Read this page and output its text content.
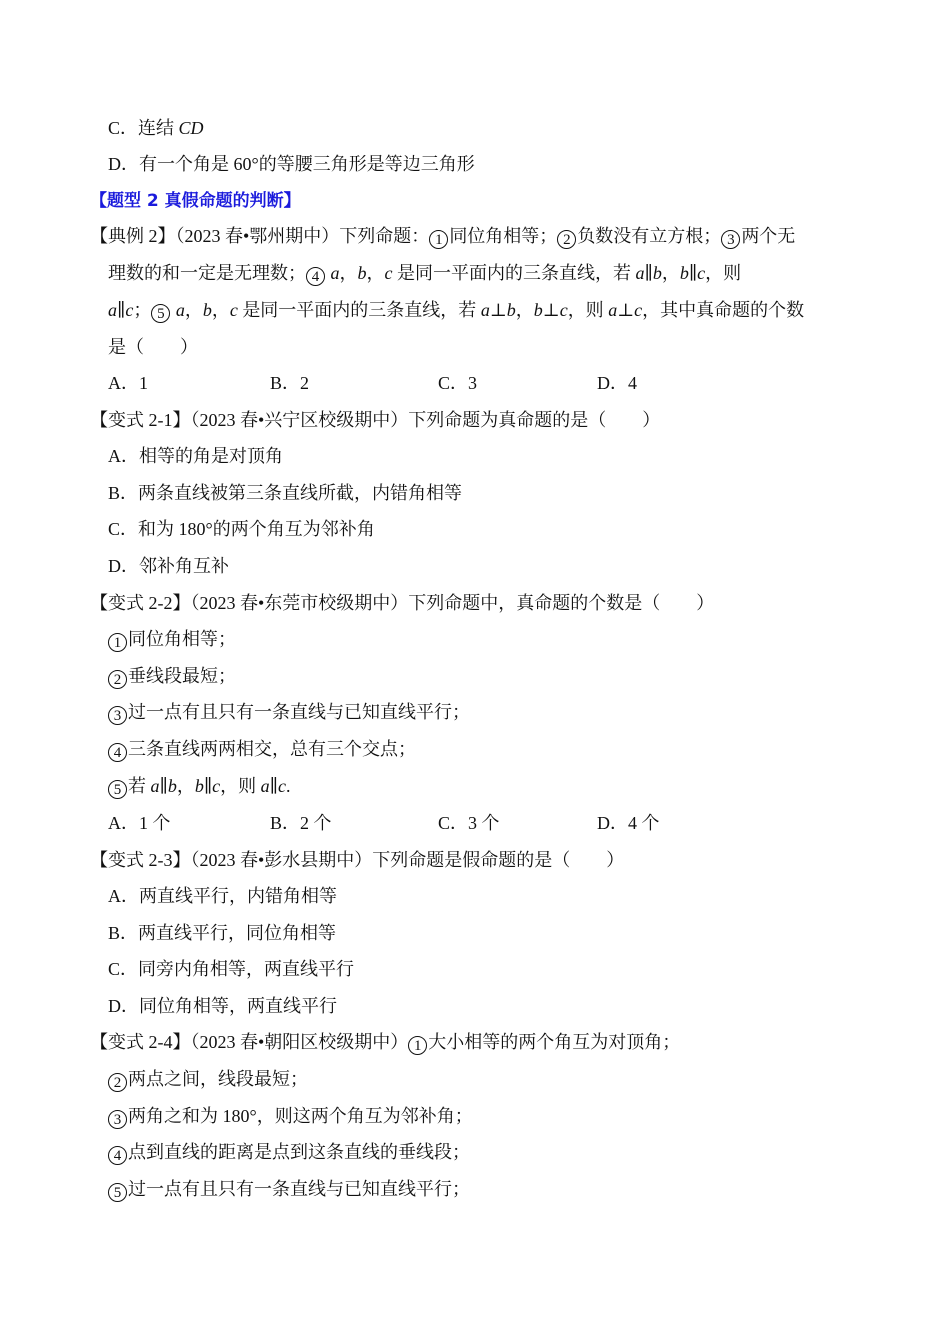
C．连结 CD
D．有一个角是 60°的等腰三角形是等边三角形
【题型 2 真假命题的判断】
【典例 2】（2023 春•鄂州期中）下列命题： 1 同位角相等； 2 负数没有立方根； 3 两个无
理数的和一定是无理数； 4 a，b，c 是同一平面内的三条直线，若 a∥b，b∥c，则
a∥c； 5 a，b，c 是同一平面内的三条直线，若 a⊥b，b⊥c，则 a⊥c，其中真命题的个数
是（　　）
A．1	B．2	C．3	D．4
【变式 2-1】（2023 春•兴宁区校级期中）下列命题为真命题的是（　　）
A．相等的角是对顶角
B．两条直线被第三条直线所截，内错角相等
C．和为 180°的两个角互为邻补角
D．邻补角互补
【变式 2-2】（2023 春•东莞市校级期中）下列命题中，真命题的个数是（　　）
1 同位角相等；
2 垂线段最短；
3 过一点有且只有一条直线与已知直线平行；
4 三条直线两两相交，总有三个交点；
5 若 a∥b，b∥c，则 a∥c.
A．1 个	B．2 个	C．3 个	D．4 个
【变式 2-3】（2023 春•彭水县期中）下列命题是假命题的是（　　）
A．两直线平行，内错角相等
B．两直线平行，同位角相等
C．同旁内角相等，两直线平行
D．同位角相等，两直线平行
【变式 2-4】（2023 春•朝阳区校级期中） 1 大小相等的两个角互为对顶角；
2 两点之间，线段最短；
3 两角之和为 180°，则这两个角互为邻补角；
4 点到直线的距离是点到这条直线的垂线段；
5 过一点有且只有一条直线与已知直线平行；
